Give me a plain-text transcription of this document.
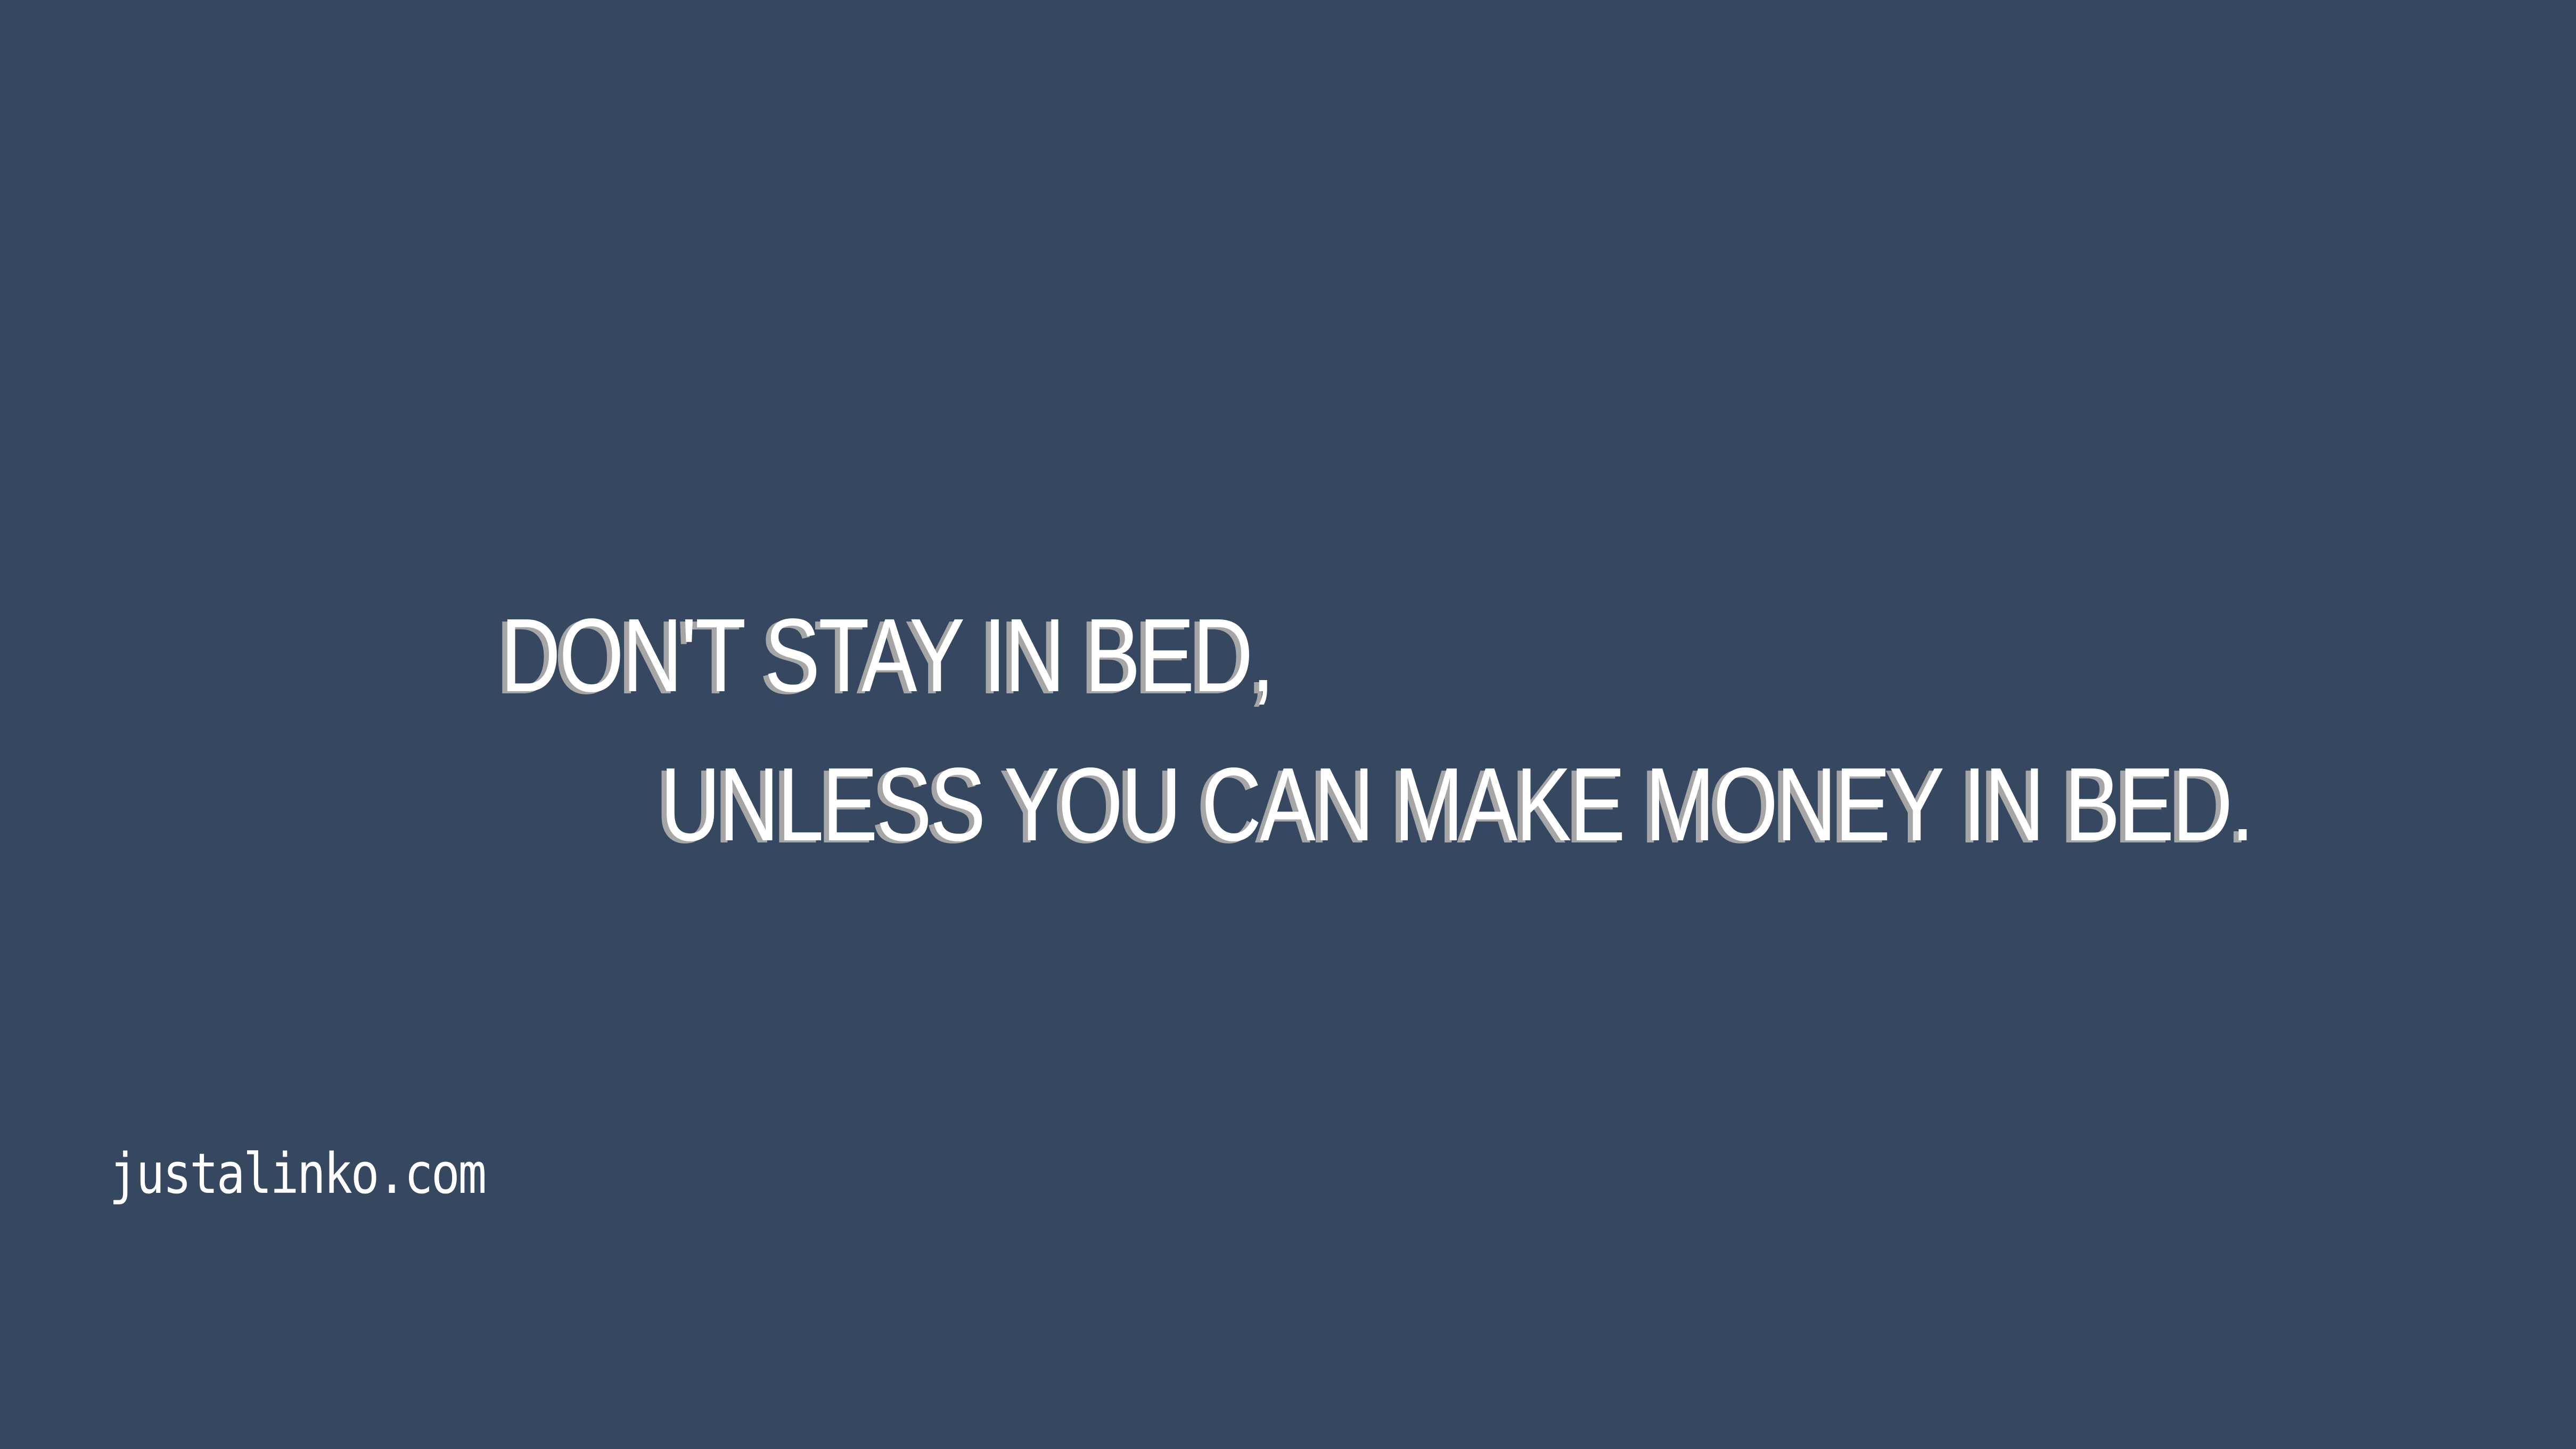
DON'T STAY IN BED,
UNLESS YOU CAN MAKE MONEY IN BED.

justalinko.com
